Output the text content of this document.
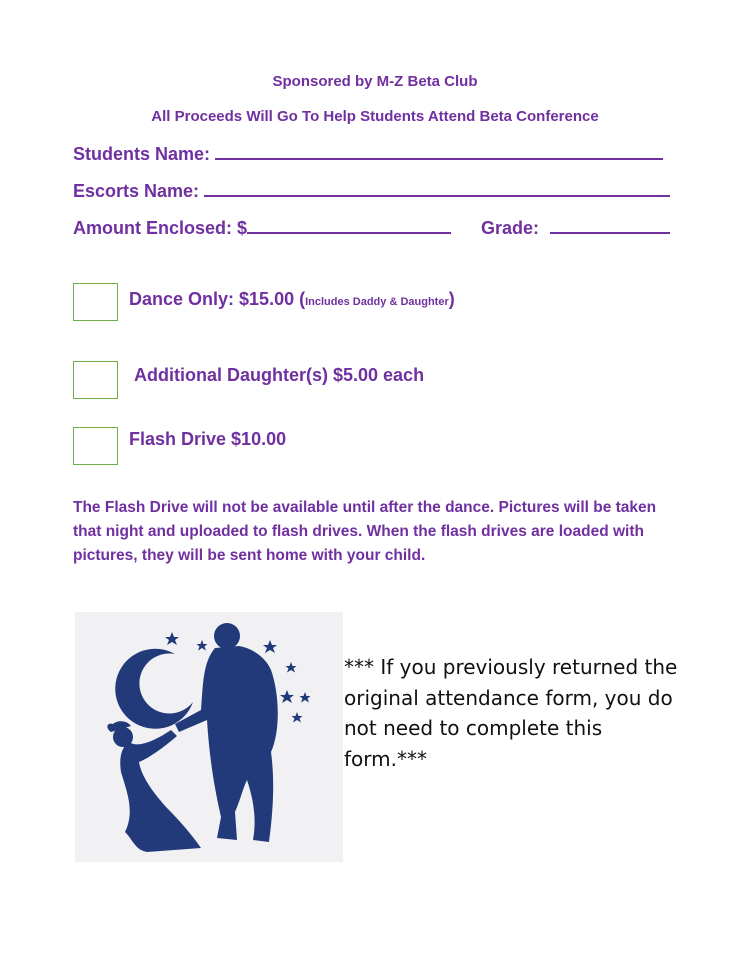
Sponsored by M-Z Beta Club
All Proceeds Will Go To Help Students Attend Beta Conference
Students Name:
Escorts Name:
Amount Enclosed: $	Grade:
Dance Only: $15.00 (Includes Daddy & Daughter)
Additional Daughter(s) $5.00 each
Flash Drive $10.00
The Flash Drive will not be available until after the dance. Pictures will be taken that night and uploaded to flash drives. When the flash drives are loaded with pictures, they will be sent home with your child.
*** If you previously returned the original attendance form, you do not need to complete this form.***
